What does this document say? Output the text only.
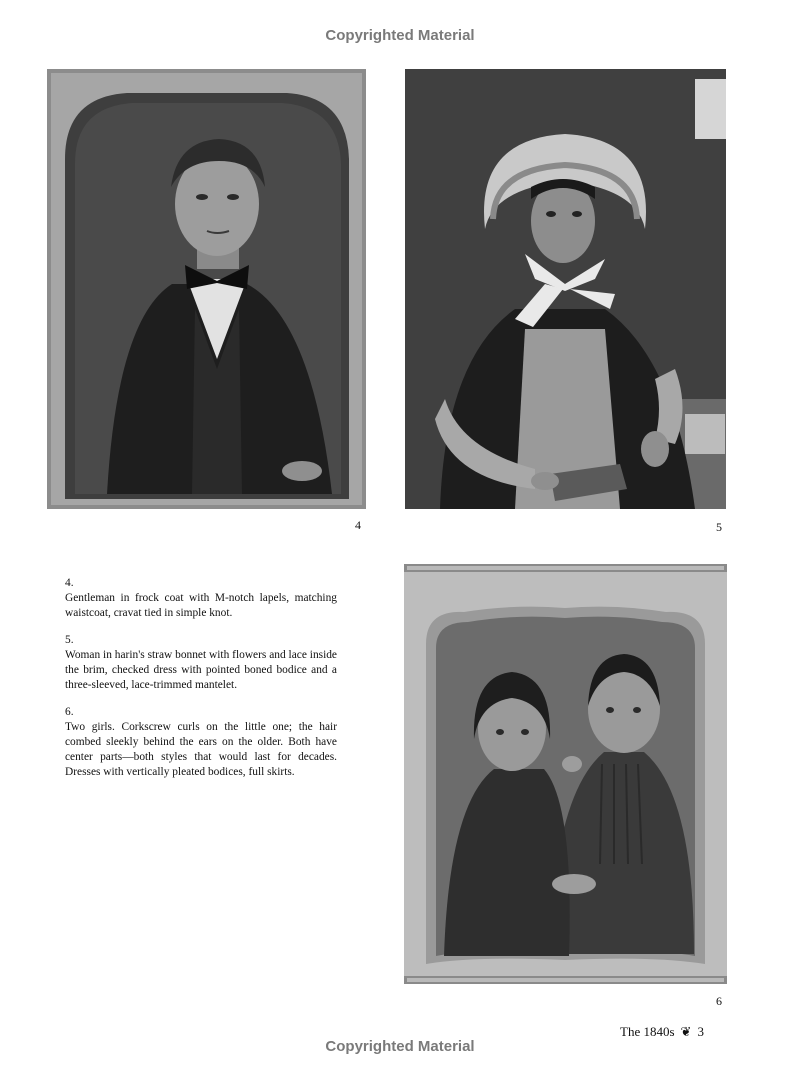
Copyrighted Material
4	5

4.
Gentleman in frock coat with M-notch lapels, matching waistcoat, cravat tied in simple knot.

5.
Woman in harin's straw bonnet with flowers and lace inside the brim, checked dress with pointed boned bodice and a three-sleeved, lace-trimmed mantelet.

6.
Two girls. Corkscrew curls on the little one; the hair combed sleekly behind the ears on the older. Both have center parts—both styles that would last for decades. Dresses with vertically pleated bodices, full skirts.

6
The 1840s ❦ 3
Copyrighted Material
